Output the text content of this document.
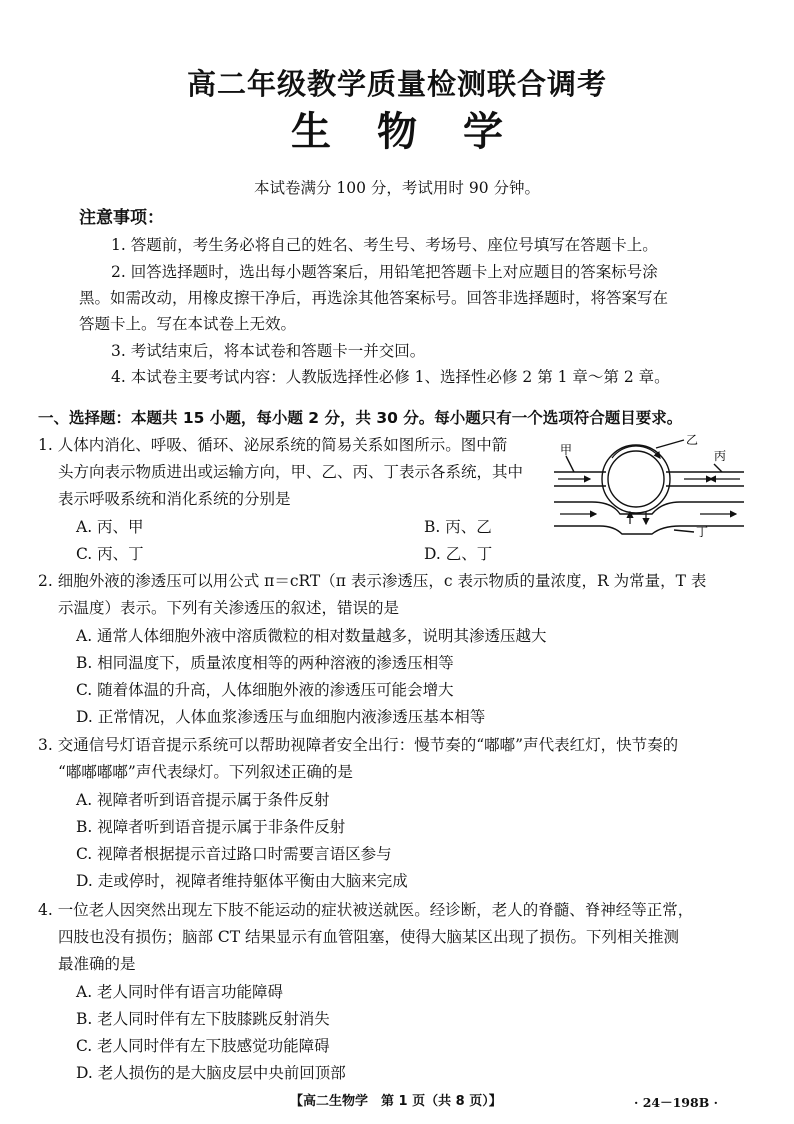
高二年级教学质量检测联合调考
生物学
本试卷满分 100 分，考试用时 90 分钟。
注意事项：
1. 答题前，考生务必将自己的姓名、考生号、考场号、座位号填写在答题卡上。
2. 回答选择题时，选出每小题答案后，用铅笔把答题卡上对应题目的答案标号涂
黑。如需改动，用橡皮擦干净后，再选涂其他答案标号。回答非选择题时，将答案写在
答题卡上。写在本试卷上无效。
3. 考试结束后，将本试卷和答题卡一并交回。
4. 本试卷主要考试内容：人教版选择性必修 1、选择性必修 2 第 1 章～第 2 章。
一、选择题：本题共 15 小题，每小题 2 分，共 30 分。每小题只有一个选项符合题目要求。
1. 人体内消化、呼吸、循环、泌尿系统的简易关系如图所示。图中箭
头方向表示物质进出或运输方向，甲、乙、丙、丁表示各系统，其中
表示呼吸系统和消化系统的分别是
A. 丙、甲	B. 丙、乙
C. 丙、丁	D. 乙、丁
甲
乙
丙
丁
2. 细胞外液的渗透压可以用公式 π＝cRT（π 表示渗透压，c 表示物质的量浓度，R 为常量，T 表
示温度）表示。下列有关渗透压的叙述，错误的是
A. 通常人体细胞外液中溶质微粒的相对数量越多，说明其渗透压越大
B. 相同温度下，质量浓度相等的两种溶液的渗透压相等
C. 随着体温的升高，人体细胞外液的渗透压可能会增大
D. 正常情况，人体血浆渗透压与血细胞内液渗透压基本相等
3. 交通信号灯语音提示系统可以帮助视障者安全出行：慢节奏的“嘟嘟”声代表红灯，快节奏的
“嘟嘟嘟嘟”声代表绿灯。下列叙述正确的是
A. 视障者听到语音提示属于条件反射
B. 视障者听到语音提示属于非条件反射
C. 视障者根据提示音过路口时需要言语区参与
D. 走或停时，视障者维持躯体平衡由大脑来完成
4. 一位老人因突然出现左下肢不能运动的症状被送就医。经诊断，老人的脊髓、脊神经等正常，
四肢也没有损伤；脑部 CT 结果显示有血管阻塞，使得大脑某区出现了损伤。下列相关推测
最准确的是
A. 老人同时伴有语言功能障碍
B. 老人同时伴有左下肢膝跳反射消失
C. 老人同时伴有左下肢感觉功能障碍
D. 老人损伤的是大脑皮层中央前回顶部
【高二生物学　第 1 页（共 8 页）】	· 24－198B ·
